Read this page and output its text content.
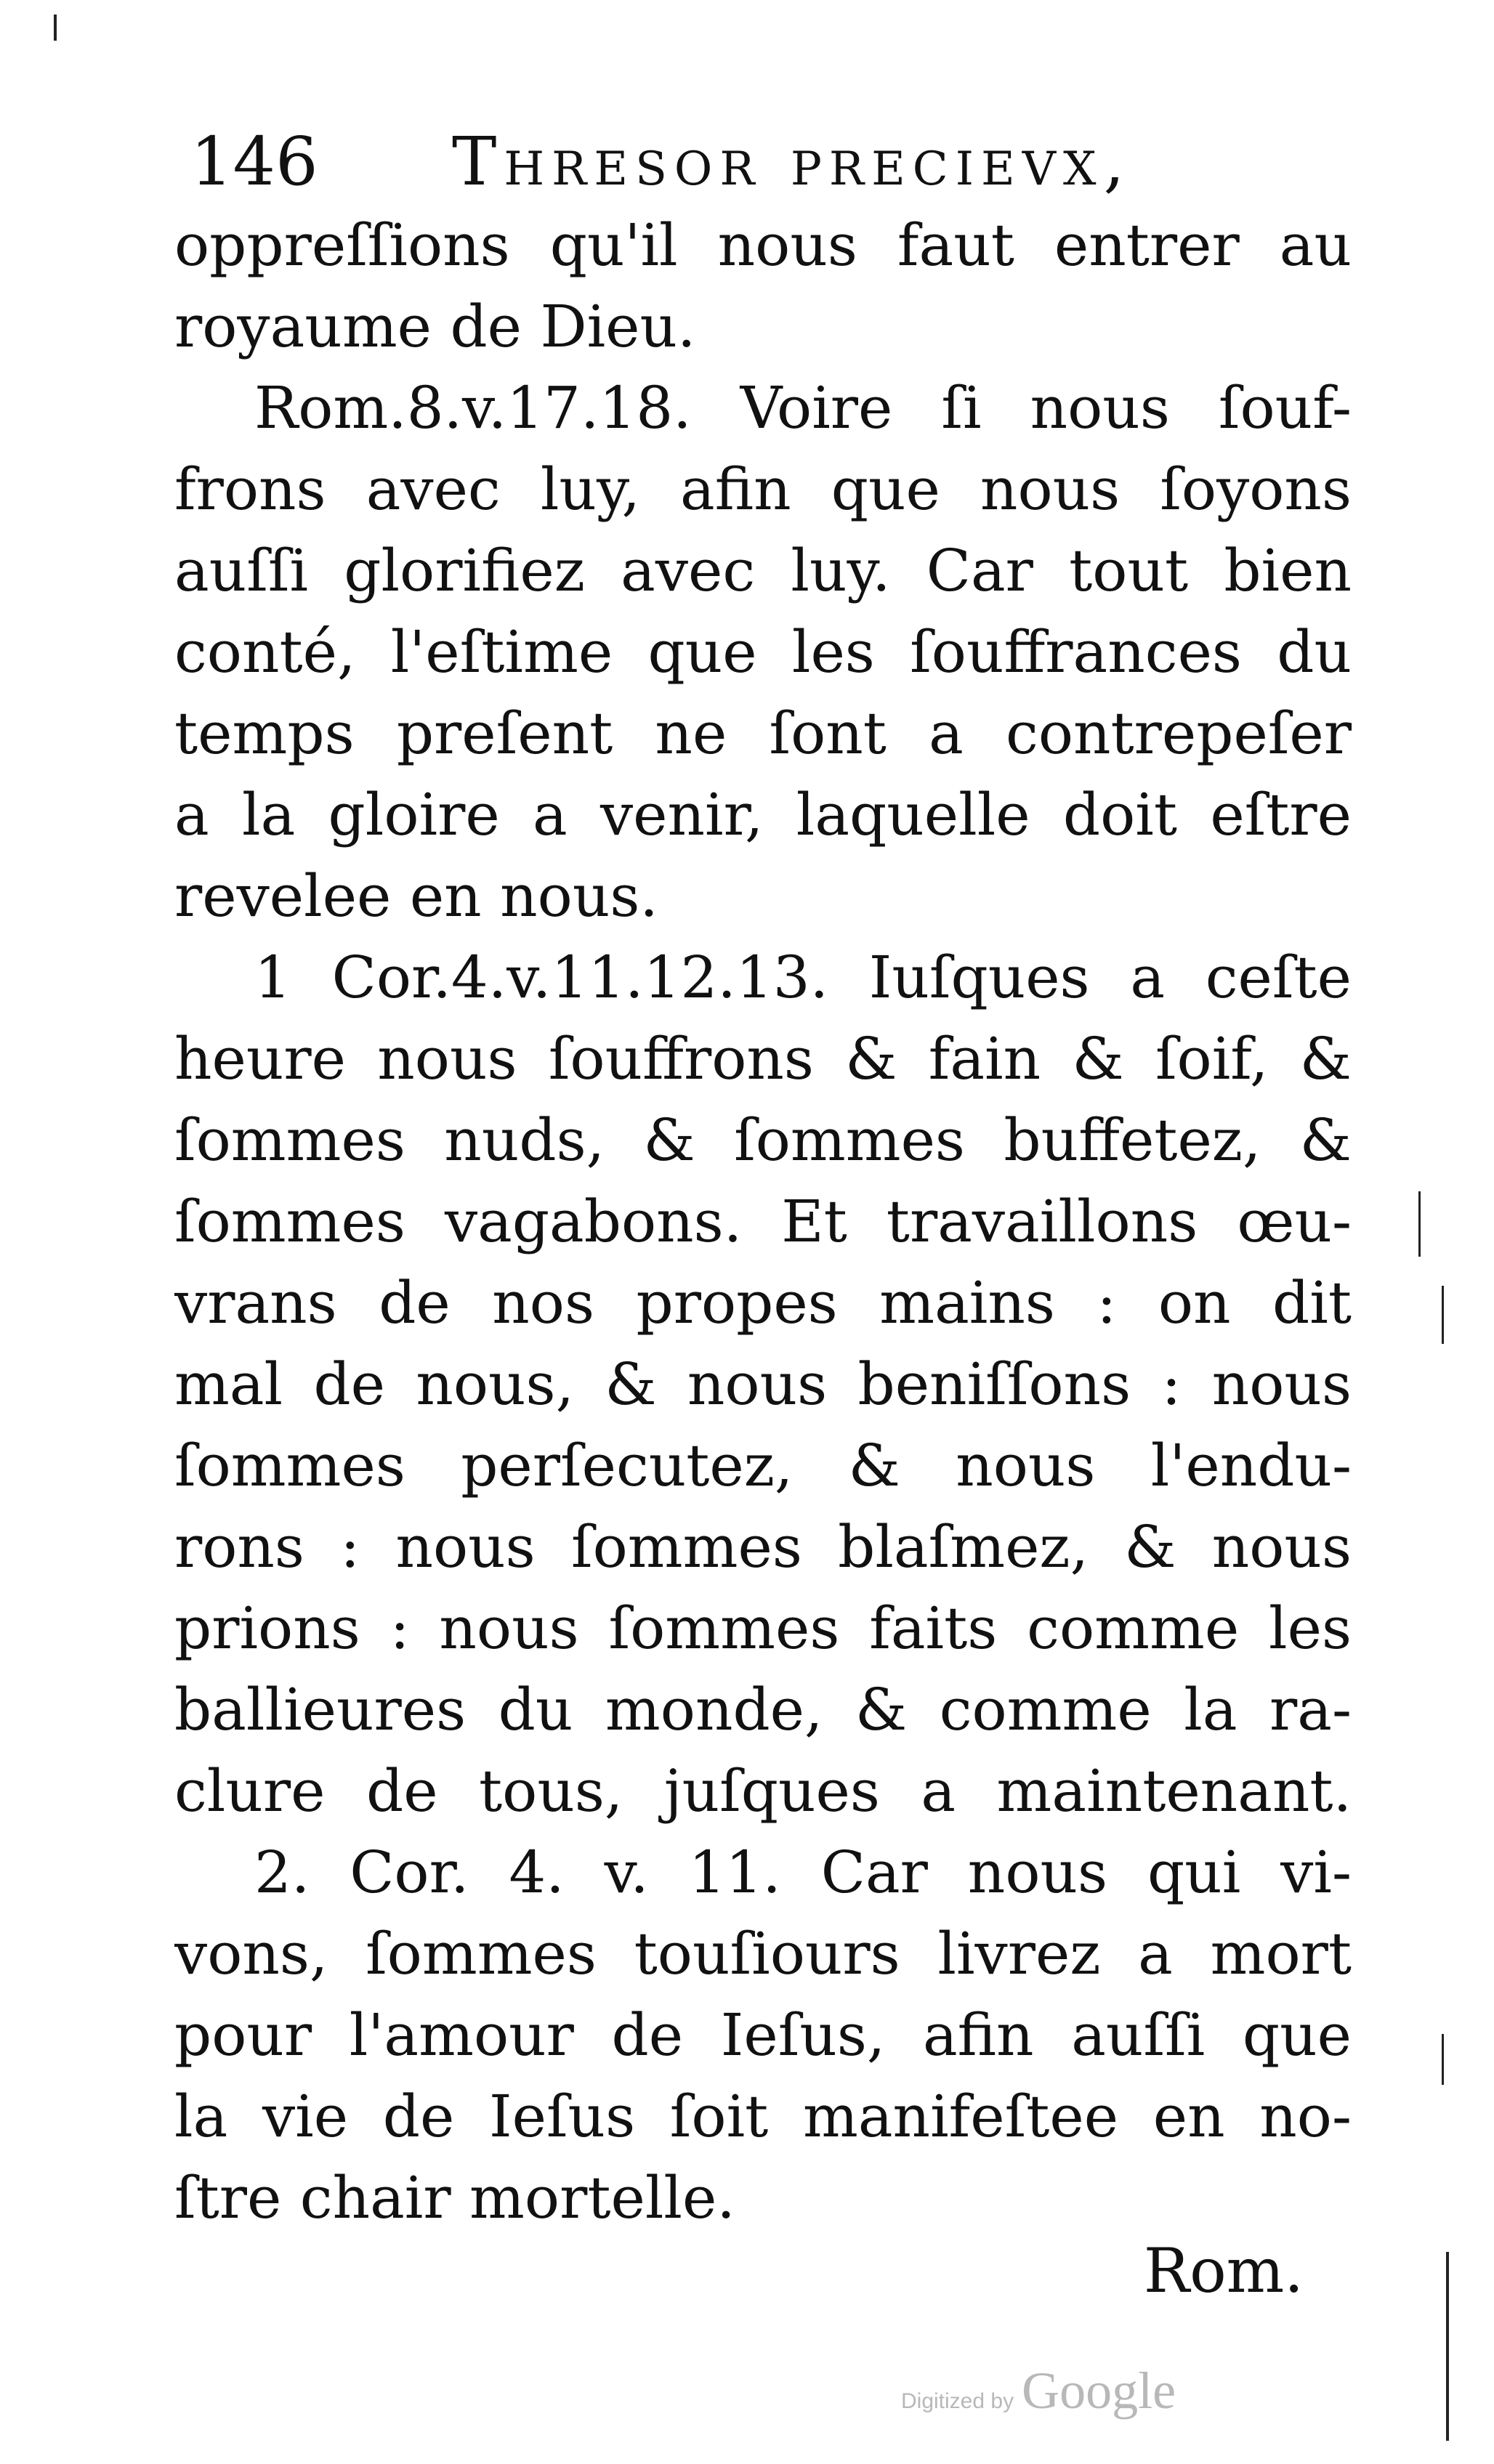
146 Thresor precievx,
oppreſſions qu'il nous faut entrer au
royaume de Dieu.
Rom.8.v.17.18. Voire ſi nous ſouf-
frons avec luy, afin que nous ſoyons
auſſi glorifiez avec luy. Car tout bien
conté, l'eſtime que les ſouffrances du
temps preſent ne ſont a contrepeſer
a la gloire a venir, laquelle doit eſtre
revelee en nous.
1 Cor.4.v.11.12.13. Iuſques a ceſte
heure nous ſouffrons & fain & ſoif, &
ſommes nuds, & ſommes buffetez, &
ſommes vagabons. Et travaillons œu-
vrans de nos propes mains : on dit
mal de nous, & nous beniſſons : nous
ſommes perſecutez, & nous l'endu-
rons : nous ſommes blaſmez, & nous
prions : nous ſommes faits comme les
ballieures du monde, & comme la ra-
clure de tous, juſques a maintenant.
2. Cor. 4. v. 11. Car nous qui vi-
vons, ſommes touſiours livrez a mort
pour l'amour de Ieſus, afin auſſi que
la vie de Ieſus ſoit manifeſtee en no-
ſtre chair mortelle.
Rom.
Digitized by Google
